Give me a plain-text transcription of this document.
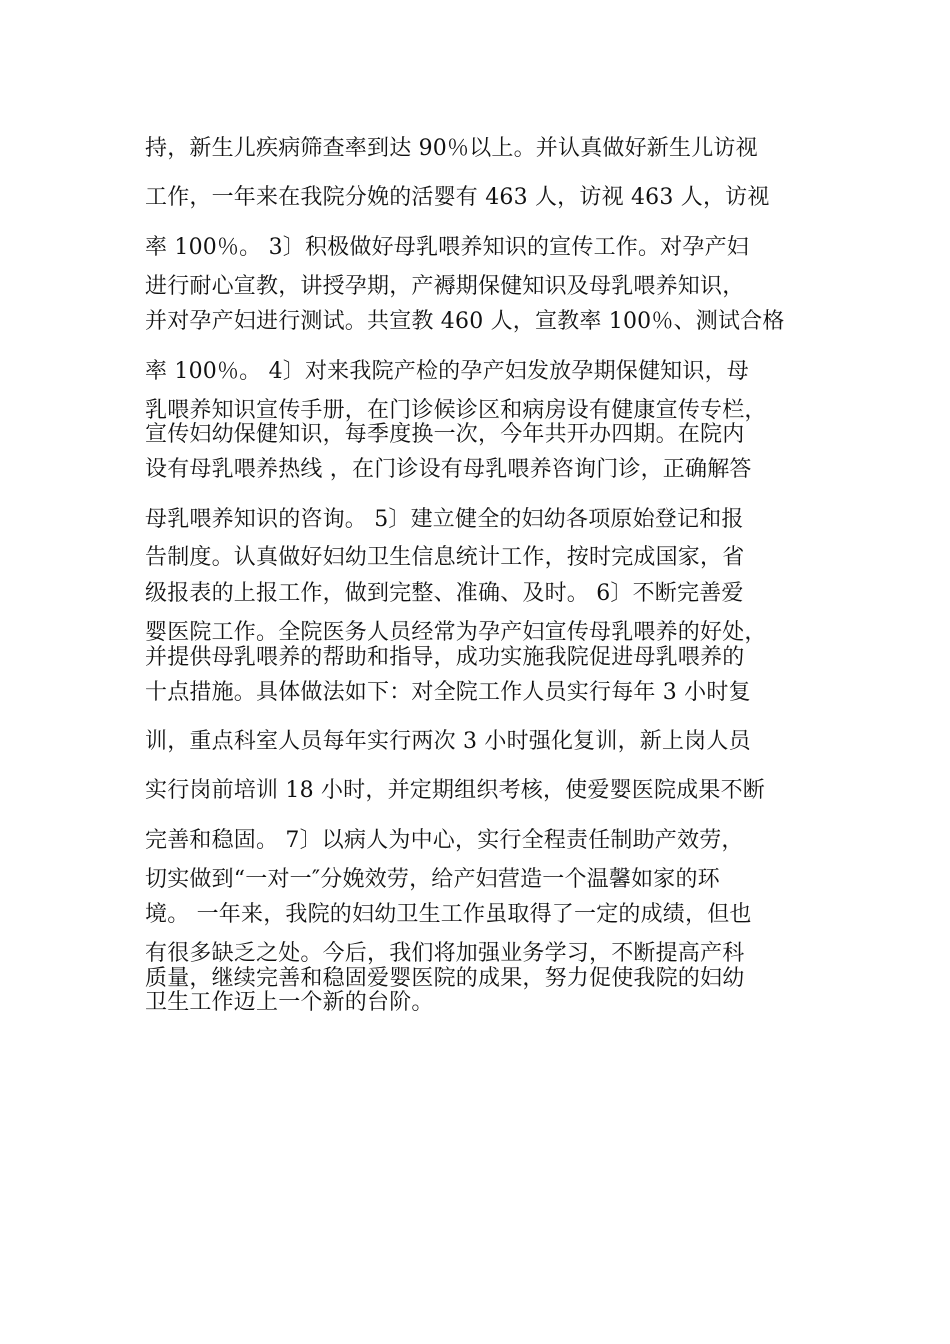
持，新生儿疾病筛查率到达 90％以上。并认真做好新生儿访视
工作，一年来在我院分娩的活婴有 463 人，访视 463 人，访视
率 100％。 3〕积极做好母乳喂养知识的宣传工作。对孕产妇
进行耐心宣教，讲授孕期，产褥期保健知识及母乳喂养知识，
并对孕产妇进行测试。共宣教 460 人，宣教率 100％、测试合格
率 100％。 4〕对来我院产检的孕产妇发放孕期保健知识，母
乳喂养知识宣传手册，在门诊候诊区和病房设有健康宣传专栏，
宣传妇幼保健知识，每季度换一次，今年共开办四期。在院内
设有母乳喂养热线 ，在门诊设有母乳喂养咨询门诊，正确解答
母乳喂养知识的咨询。 5〕建立健全的妇幼各项原始登记和报
告制度。认真做好妇幼卫生信息统计工作，按时完成国家，省
级报表的上报工作，做到完整、准确、及时。 6〕不断完善爱
婴医院工作。全院医务人员经常为孕产妇宣传母乳喂养的好处，
并提供母乳喂养的帮助和指导，成功实施我院促进母乳喂养的
十点措施。具体做法如下：对全院工作人员实行每年 3 小时复
训，重点科室人员每年实行两次 3 小时强化复训，新上岗人员
实行岗前培训 18 小时，并定期组织考核，使爱婴医院成果不断
完善和稳固。 7〕以病人为中心，实行全程责任制助产效劳，
切实做到“一对一″分娩效劳，给产妇营造一个温馨如家的环
境。 一年来，我院的妇幼卫生工作虽取得了一定的成绩，但也
有很多缺乏之处。今后，我们将加强业务学习，不断提高产科
质量，继续完善和稳固爱婴医院的成果，努力促使我院的妇幼
卫生工作迈上一个新的台阶。
